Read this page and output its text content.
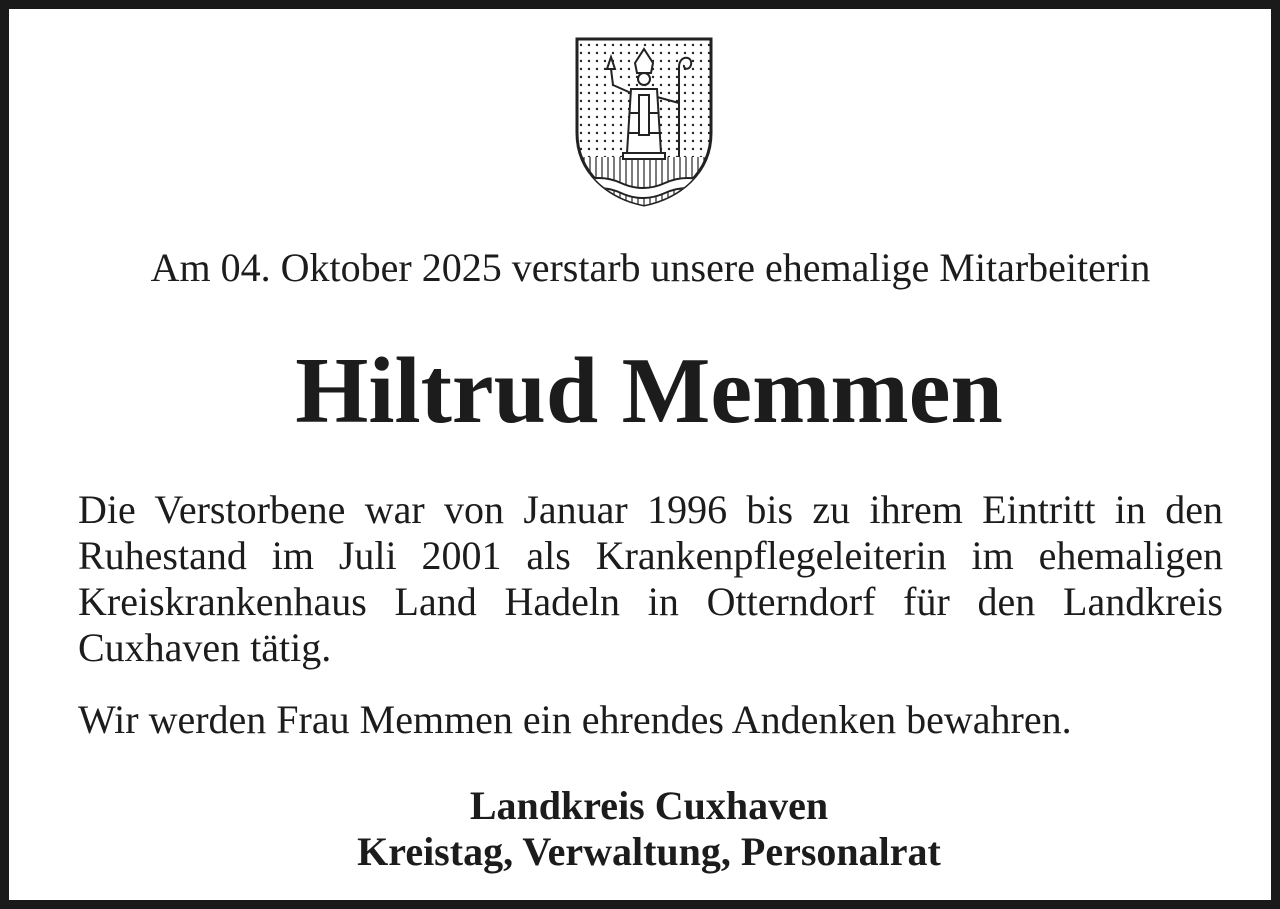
Am 04. Oktober 2025 verstarb unsere ehemalige Mitarbeiterin
Hiltrud Memmen
Die Verstorbene war von Januar 1996 bis zu ihrem Eintritt in den Ruhestand im Juli 2001 als Krankenpflegeleiterin im ehemaligen Kreiskrankenhaus Land Hadeln in Otterndorf für den Landkreis Cuxhaven tätig.
Wir werden Frau Memmen ein ehrendes Andenken bewahren.
Landkreis Cuxhaven
Kreistag, Verwaltung, Personalrat
